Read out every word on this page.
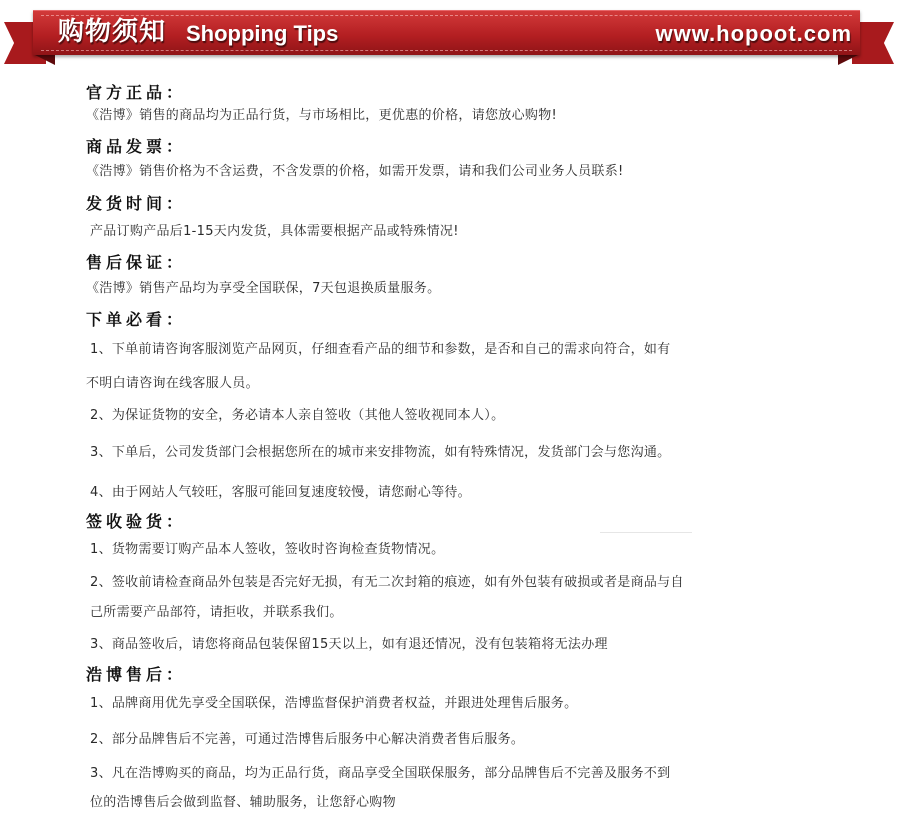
购物须知 Shopping Tips	www.hopoot.com
官方正品：
《浩博》销售的商品均为正品行货，与市场相比，更优惠的价格，请您放心购物!
商品发票：
《浩博》销售价格为不含运费，不含发票的价格，如需开发票，请和我们公司业务人员联系!
发货时间：
产品订购产品后1-15天内发货，具体需要根据产品或特殊情况!
售后保证：
《浩博》销售产品均为享受全国联保，7天包退换质量服务。
下单必看：
1、下单前请咨询客服浏览产品网页，仔细查看产品的细节和参数，是否和自己的需求向符合，如有
不明白请咨询在线客服人员。
2、为保证货物的安全，务必请本人亲自签收（其他人签收视同本人）。
3、下单后，公司发货部门会根据您所在的城市来安排物流，如有特殊情况，发货部门会与您沟通。
4、由于网站人气较旺，客服可能回复速度较慢，请您耐心等待。
签收验货：
1、货物需要订购产品本人签收，签收时咨询检查货物情况。
2、签收前请检查商品外包装是否完好无损，有无二次封箱的痕迹，如有外包装有破损或者是商品与自
己所需要产品部符，请拒收，并联系我们。
3、商品签收后，请您将商品包装保留15天以上，如有退还情况，没有包装箱将无法办理
浩博售后：
1、品牌商用优先享受全国联保，浩博监督保护消费者权益，并跟进处理售后服务。
2、部分品牌售后不完善，可通过浩博售后服务中心解决消费者售后服务。
3、凡在浩博购买的商品，均为正品行货，商品享受全国联保服务，部分品牌售后不完善及服务不到
位的浩博售后会做到监督、辅助服务，让您舒心购物
